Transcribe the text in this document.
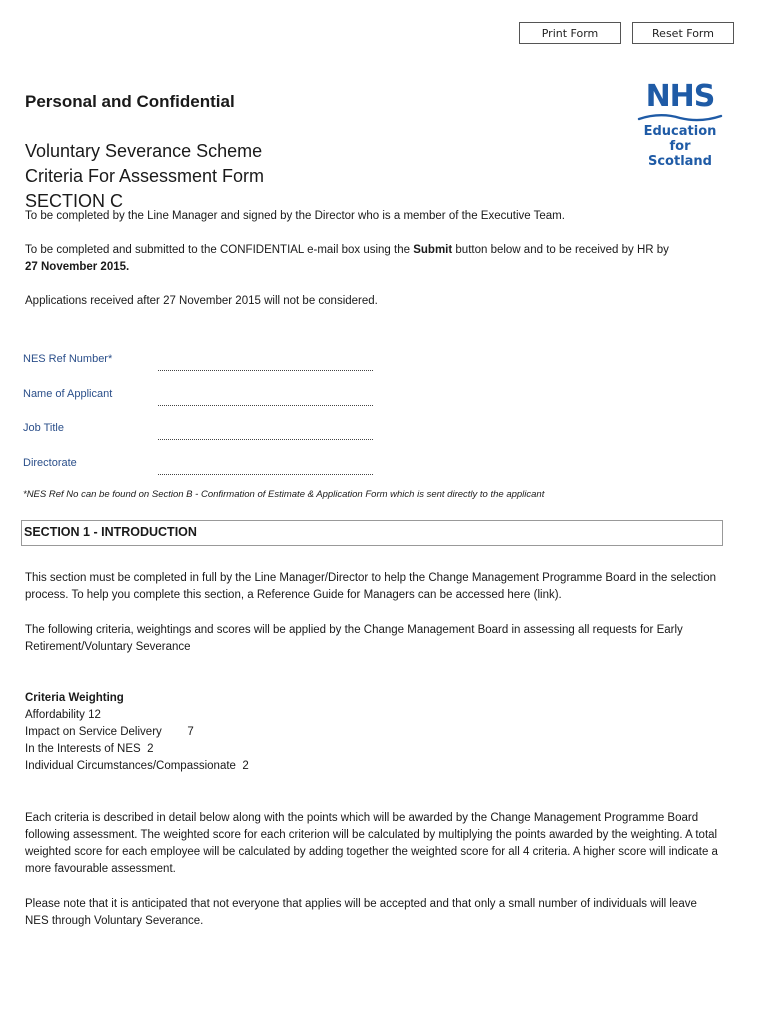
Print Form	Reset Form
NHS
Education
for
Scotland
Personal and Confidential
Voluntary Severance Scheme
Criteria For Assessment Form
SECTION C
To be completed by the Line Manager and signed by the Director who is a member of the Executive Team.
To be completed and submitted to the CONFIDENTIAL e-mail box using the Submit button below and to be received by HR by
27 November 2015.
Applications received after 27 November 2015 will not be considered.
NES Ref Number*
Name of Applicant
Job Title
Directorate
*NES Ref No can be found on Section B - Confirmation of Estimate & Application Form which is sent directly to the applicant
SECTION 1 - INTRODUCTION
This section must be completed in full by the Line Manager/Director to help the Change Management Programme Board in the selection process. To help you complete this section, a Reference Guide for Managers can be accessed here (link).
The following criteria, weightings and scores will be applied by the Change Management Board in assessing all requests for Early Retirement/Voluntary Severance
Criteria Weighting
Affordability 12
Impact on Service Delivery        7
In the Interests of NES  2
Individual Circumstances/Compassionate  2
Each criteria is described in detail below along with the points which will be awarded by the Change Management Programme Board following assessment. The weighted score for each criterion will be calculated by multiplying the points awarded by the weighting. A total weighted score for each employee will be calculated by adding together the weighted score for all 4 criteria. A higher score will indicate a more favourable assessment.
Please note that it is anticipated that not everyone that applies will be accepted and that only a small number of individuals will leave NES through Voluntary Severance.
